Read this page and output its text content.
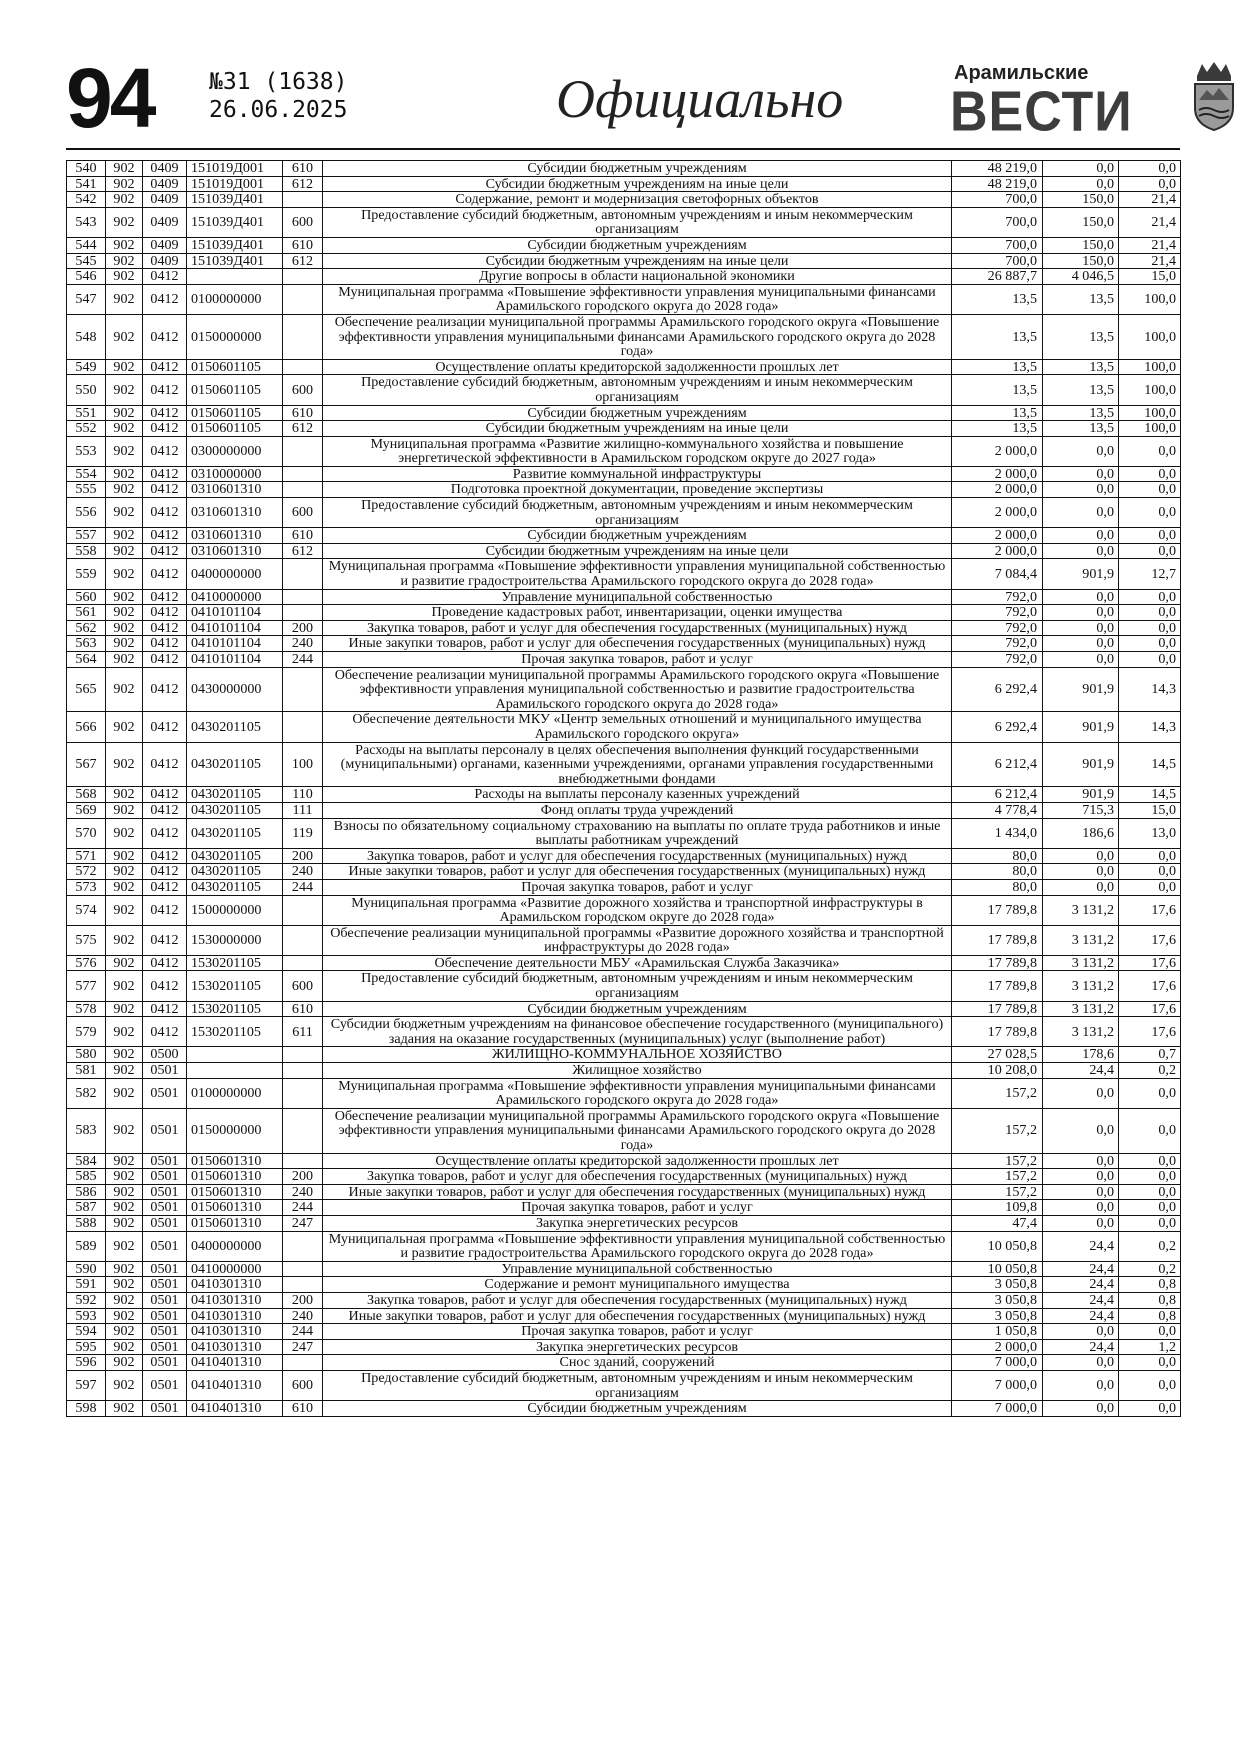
94 №31 (1638)
26.06.2025	Официально	Арамильские
ВЕСТИ
540	902	0409	151019Д001	610	Субсидии бюджетным учреждениям	48 219,0	0,0	0,0
541	902	0409	151019Д001	612	Субсидии бюджетным учреждениям на иные цели	48 219,0	0,0	0,0
542	902	0409	151039Д401		Содержание, ремонт и модернизация светофорных объектов	700,0	150,0	21,4
543	902	0409	151039Д401	600	Предоставление субсидий бюджетным, автономным учреждениям и иным некоммерческим организациям	700,0	150,0	21,4
544	902	0409	151039Д401	610	Субсидии бюджетным учреждениям	700,0	150,0	21,4
545	902	0409	151039Д401	612	Субсидии бюджетным учреждениям на иные цели	700,0	150,0	21,4
546	902	0412			Другие вопросы в области национальной экономики	26 887,7	4 046,5	15,0
547	902	0412	0100000000		Муниципальная программа «Повышение эффективности управления муниципальными финансами Арамильского городского округа до 2028 года»	13,5	13,5	100,0
548	902	0412	0150000000		Обеспечение реализации муниципальной программы Арамильского городского округа «Повышение эффективности управления муниципальными финансами Арамильского городского округа до 2028 года»	13,5	13,5	100,0
549	902	0412	0150601105		Осуществление оплаты кредиторской задолженности прошлых лет	13,5	13,5	100,0
550	902	0412	0150601105	600	Предоставление субсидий бюджетным, автономным учреждениям и иным некоммерческим организациям	13,5	13,5	100,0
551	902	0412	0150601105	610	Субсидии бюджетным учреждениям	13,5	13,5	100,0
552	902	0412	0150601105	612	Субсидии бюджетным учреждениям на иные цели	13,5	13,5	100,0
553	902	0412	0300000000		Муниципальная программа «Развитие жилищно-коммунального хозяйства и повышение энергетической эффективности в Арамильском городском округе до 2027 года»	2 000,0	0,0	0,0
554	902	0412	0310000000		Развитие коммунальной инфраструктуры	2 000,0	0,0	0,0
555	902	0412	0310601310		Подготовка проектной документации, проведение экспертизы	2 000,0	0,0	0,0
556	902	0412	0310601310	600	Предоставление субсидий бюджетным, автономным учреждениям и иным некоммерческим организациям	2 000,0	0,0	0,0
557	902	0412	0310601310	610	Субсидии бюджетным учреждениям	2 000,0	0,0	0,0
558	902	0412	0310601310	612	Субсидии бюджетным учреждениям на иные цели	2 000,0	0,0	0,0
559	902	0412	0400000000		Муниципальная программа «Повышение эффективности управления муниципальной собственностью и развитие градостроительства Арамильского городского округа до 2028 года»	7 084,4	901,9	12,7
560	902	0412	0410000000		Управление муниципальной собственностью	792,0	0,0	0,0
561	902	0412	0410101104		Проведение кадастровых работ, инвентаризации, оценки имущества	792,0	0,0	0,0
562	902	0412	0410101104	200	Закупка товаров, работ и услуг для обеспечения государственных (муниципальных) нужд	792,0	0,0	0,0
563	902	0412	0410101104	240	Иные закупки товаров, работ и услуг для обеспечения государственных (муниципальных) нужд	792,0	0,0	0,0
564	902	0412	0410101104	244	Прочая закупка товаров, работ и услуг	792,0	0,0	0,0
565	902	0412	0430000000		Обеспечение реализации муниципальной программы Арамильского городского округа «Повышение эффективности управления муниципальной собственностью и развитие градостроительства Арамильского городского округа до 2028 года»	6 292,4	901,9	14,3
566	902	0412	0430201105		Обеспечение деятельности МКУ «Центр земельных отношений и муниципального имущества Арамильского городского округа»	6 292,4	901,9	14,3
567	902	0412	0430201105	100	Расходы на выплаты персоналу в целях обеспечения выполнения функций государственными (муниципальными) органами, казенными учреждениями, органами управления государственными внебюджетными фондами	6 212,4	901,9	14,5
568	902	0412	0430201105	110	Расходы на выплаты персоналу казенных учреждений	6 212,4	901,9	14,5
569	902	0412	0430201105	111	Фонд оплаты труда учреждений	4 778,4	715,3	15,0
570	902	0412	0430201105	119	Взносы по обязательному социальному страхованию на выплаты по оплате труда работников и иные выплаты работникам учреждений	1 434,0	186,6	13,0
571	902	0412	0430201105	200	Закупка товаров, работ и услуг для обеспечения государственных (муниципальных) нужд	80,0	0,0	0,0
572	902	0412	0430201105	240	Иные закупки товаров, работ и услуг для обеспечения государственных (муниципальных) нужд	80,0	0,0	0,0
573	902	0412	0430201105	244	Прочая закупка товаров, работ и услуг	80,0	0,0	0,0
574	902	0412	1500000000		Муниципальная программа «Развитие дорожного хозяйства и транспортной инфраструктуры в Арамильском городском округе до 2028 года»	17 789,8	3 131,2	17,6
575	902	0412	1530000000		Обеспечение реализации муниципальной программы «Развитие дорожного хозяйства и транспортной инфраструктуры до 2028 года»	17 789,8	3 131,2	17,6
576	902	0412	1530201105		Обеспечение деятельности МБУ «Арамильская Служба Заказчика»	17 789,8	3 131,2	17,6
577	902	0412	1530201105	600	Предоставление субсидий бюджетным, автономным учреждениям и иным некоммерческим организациям	17 789,8	3 131,2	17,6
578	902	0412	1530201105	610	Субсидии бюджетным учреждениям	17 789,8	3 131,2	17,6
579	902	0412	1530201105	611	Субсидии бюджетным учреждениям на финансовое обеспечение государственного (муниципального) задания на оказание государственных (муниципальных) услуг (выполнение работ)	17 789,8	3 131,2	17,6
580	902	0500			ЖИЛИЩНО-КОММУНАЛЬНОЕ ХОЗЯЙСТВО	27 028,5	178,6	0,7
581	902	0501			Жилищное хозяйство	10 208,0	24,4	0,2
582	902	0501	0100000000		Муниципальная программа «Повышение эффективности управления муниципальными финансами Арамильского городского округа до 2028 года»	157,2	0,0	0,0
583	902	0501	0150000000		Обеспечение реализации муниципальной программы Арамильского городского округа «Повышение эффективности управления муниципальными финансами Арамильского городского округа до 2028 года»	157,2	0,0	0,0
584	902	0501	0150601310		Осуществление оплаты кредиторской задолженности прошлых лет	157,2	0,0	0,0
585	902	0501	0150601310	200	Закупка товаров, работ и услуг для обеспечения государственных (муниципальных) нужд	157,2	0,0	0,0
586	902	0501	0150601310	240	Иные закупки товаров, работ и услуг для обеспечения государственных (муниципальных) нужд	157,2	0,0	0,0
587	902	0501	0150601310	244	Прочая закупка товаров, работ и услуг	109,8	0,0	0,0
588	902	0501	0150601310	247	Закупка энергетических ресурсов	47,4	0,0	0,0
589	902	0501	0400000000		Муниципальная программа «Повышение эффективности управления муниципальной собственностью и развитие градостроительства Арамильского городского округа до 2028 года»	10 050,8	24,4	0,2
590	902	0501	0410000000		Управление муниципальной собственностью	10 050,8	24,4	0,2
591	902	0501	0410301310		Содержание и ремонт муниципального имущества	3 050,8	24,4	0,8
592	902	0501	0410301310	200	Закупка товаров, работ и услуг для обеспечения государственных (муниципальных) нужд	3 050,8	24,4	0,8
593	902	0501	0410301310	240	Иные закупки товаров, работ и услуг для обеспечения государственных (муниципальных) нужд	3 050,8	24,4	0,8
594	902	0501	0410301310	244	Прочая закупка товаров, работ и услуг	1 050,8	0,0	0,0
595	902	0501	0410301310	247	Закупка энергетических ресурсов	2 000,0	24,4	1,2
596	902	0501	0410401310		Снос зданий, сооружений	7 000,0	0,0	0,0
597	902	0501	0410401310	600	Предоставление субсидий бюджетным, автономным учреждениям и иным некоммерческим организациям	7 000,0	0,0	0,0
598	902	0501	0410401310	610	Субсидии бюджетным учреждениям	7 000,0	0,0	0,0
